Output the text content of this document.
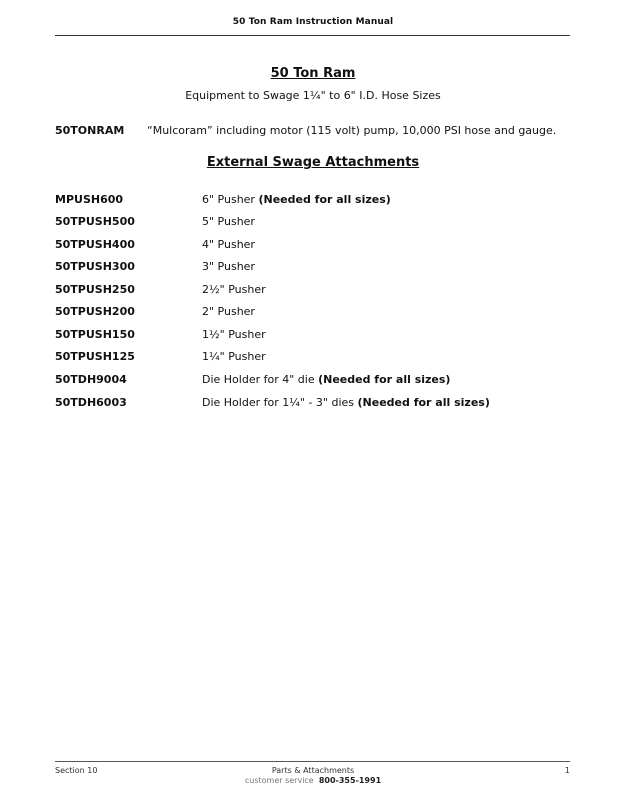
50 Ton Ram Instruction Manual
50 Ton Ram
Equipment to Swage 1¼" to 6" I.D. Hose Sizes
50TONRAM “Mulcoram” including motor (115 volt) pump, 10,000 PSI hose and gauge.
External Swage Attachments
MPUSH600	6" Pusher (Needed for all sizes)
50TPUSH500	5" Pusher
50TPUSH400	4" Pusher
50TPUSH300	3" Pusher
50TPUSH250	2½" Pusher
50TPUSH200	2" Pusher
50TPUSH150	1½" Pusher
50TPUSH125	1¼" Pusher
50TDH9004	Die Holder for 4" die (Needed for all sizes)
50TDH6003	Die Holder for 1¼" - 3" dies (Needed for all sizes)
Section 10	Parts & Attachments	1
customer service 800-355-1991
